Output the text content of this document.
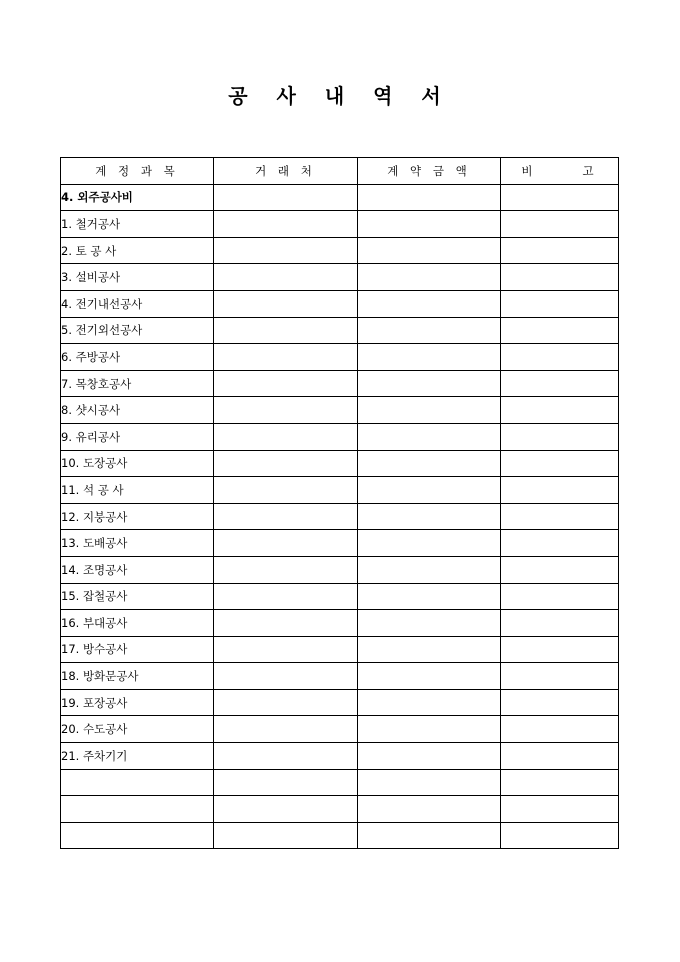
공 사 내 역 서
계 정 과 목	거 래 처	계 약 금 액	비      고
4. 외주공사비			
1. 철거공사			
2. 토 공 사			
3. 설비공사			
4. 전기내선공사			
5. 전기외선공사			
6. 주방공사			
7. 목창호공사			
8. 샷시공사			
9. 유리공사			
10. 도장공사			
11. 석 공 사			
12. 지붕공사			
13. 도배공사			
14. 조명공사			
15. 잡철공사			
16. 부대공사			
17. 방수공사			
18. 방화문공사			
19. 포장공사			
20. 수도공사			
21. 주차기기			
